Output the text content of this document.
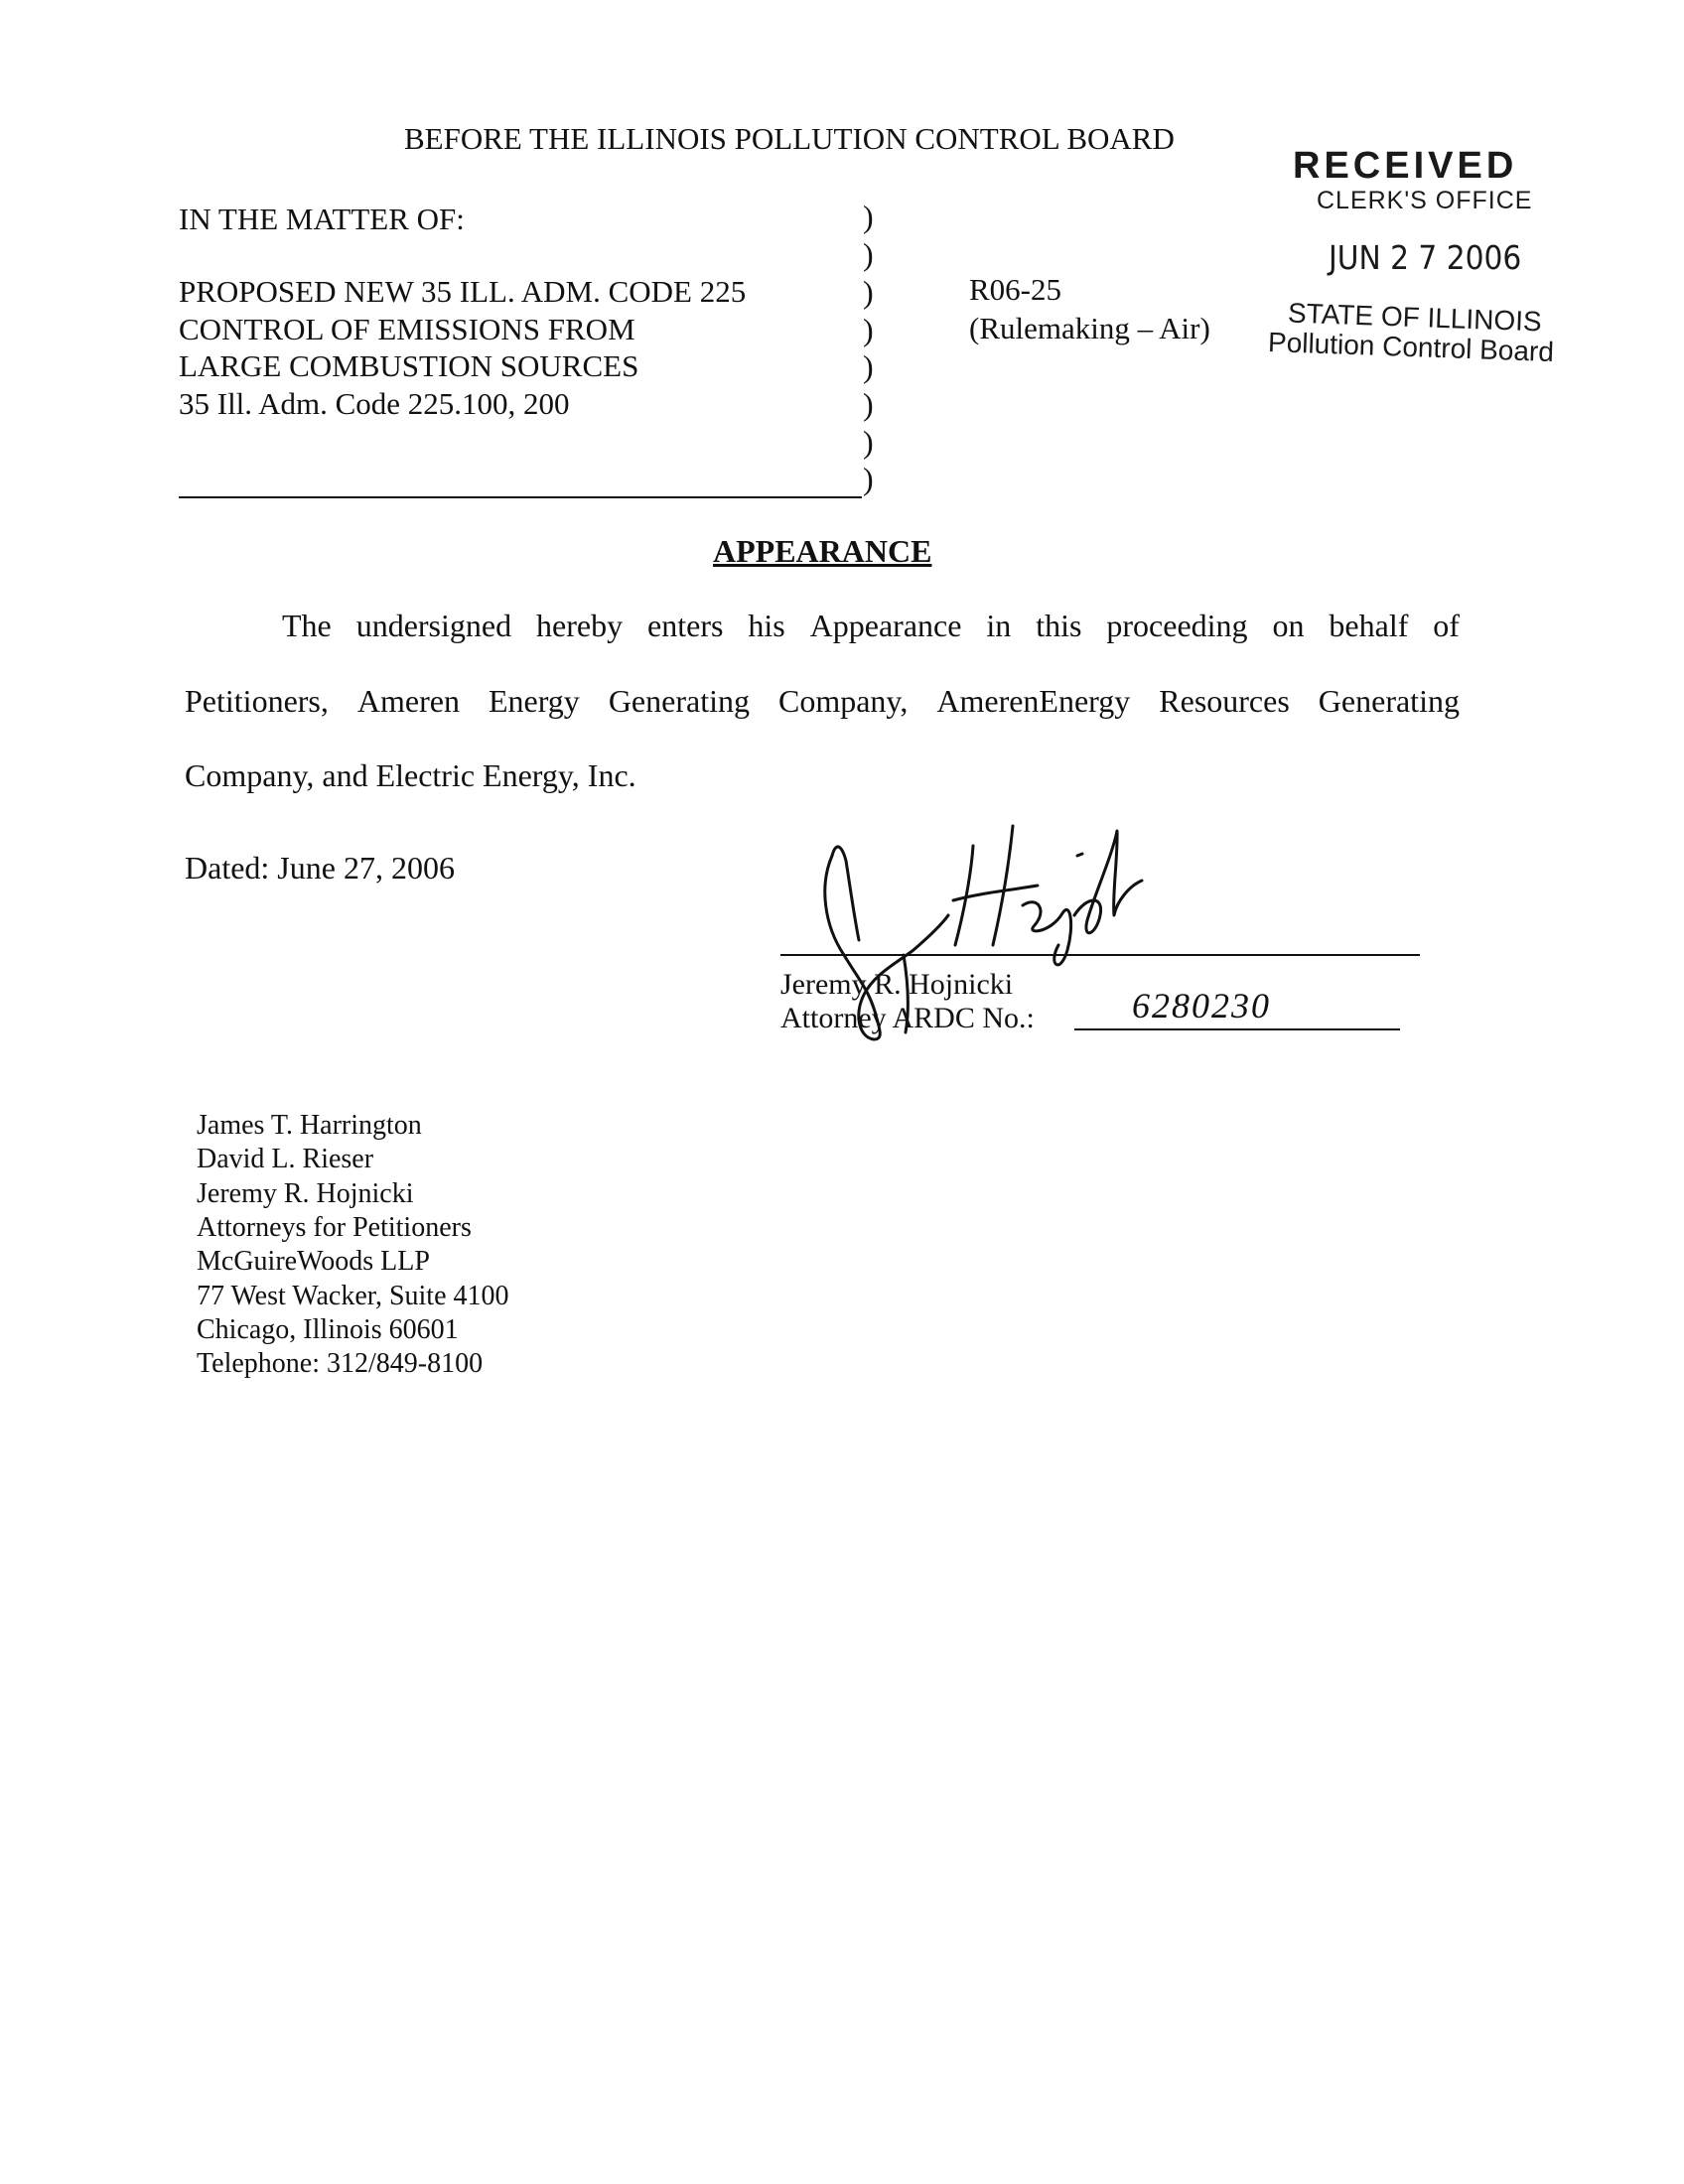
BEFORE THE ILLINOIS POLLUTION CONTROL BOARD
RECEIVED
CLERK'S OFFICE
JUN 2 7 2006
STATE OF ILLINOIS
Pollution Control Board
IN THE MATTER OF:
PROPOSED NEW 35 ILL. ADM. CODE 225
CONTROL OF EMISSIONS FROM
LARGE COMBUSTION SOURCES
35 Ill. Adm. Code 225.100, 200
)
)
)
)
)
)
)
)
R06-25
(Rulemaking – Air)
APPEARANCE
The undersigned hereby enters his Appearance in this proceeding on behalf of
Petitioners, Ameren Energy Generating Company, AmerenEnergy Resources Generating
Company, and Electric Energy, Inc.
Dated: June 27, 2006
Jeremy R. Hojnicki
Attorney ARDC No.:	6280230
James T. Harrington
David L. Rieser
Jeremy R. Hojnicki
Attorneys for Petitioners
McGuireWoods LLP
77 West Wacker, Suite 4100
Chicago, Illinois 60601
Telephone: 312/849-8100
